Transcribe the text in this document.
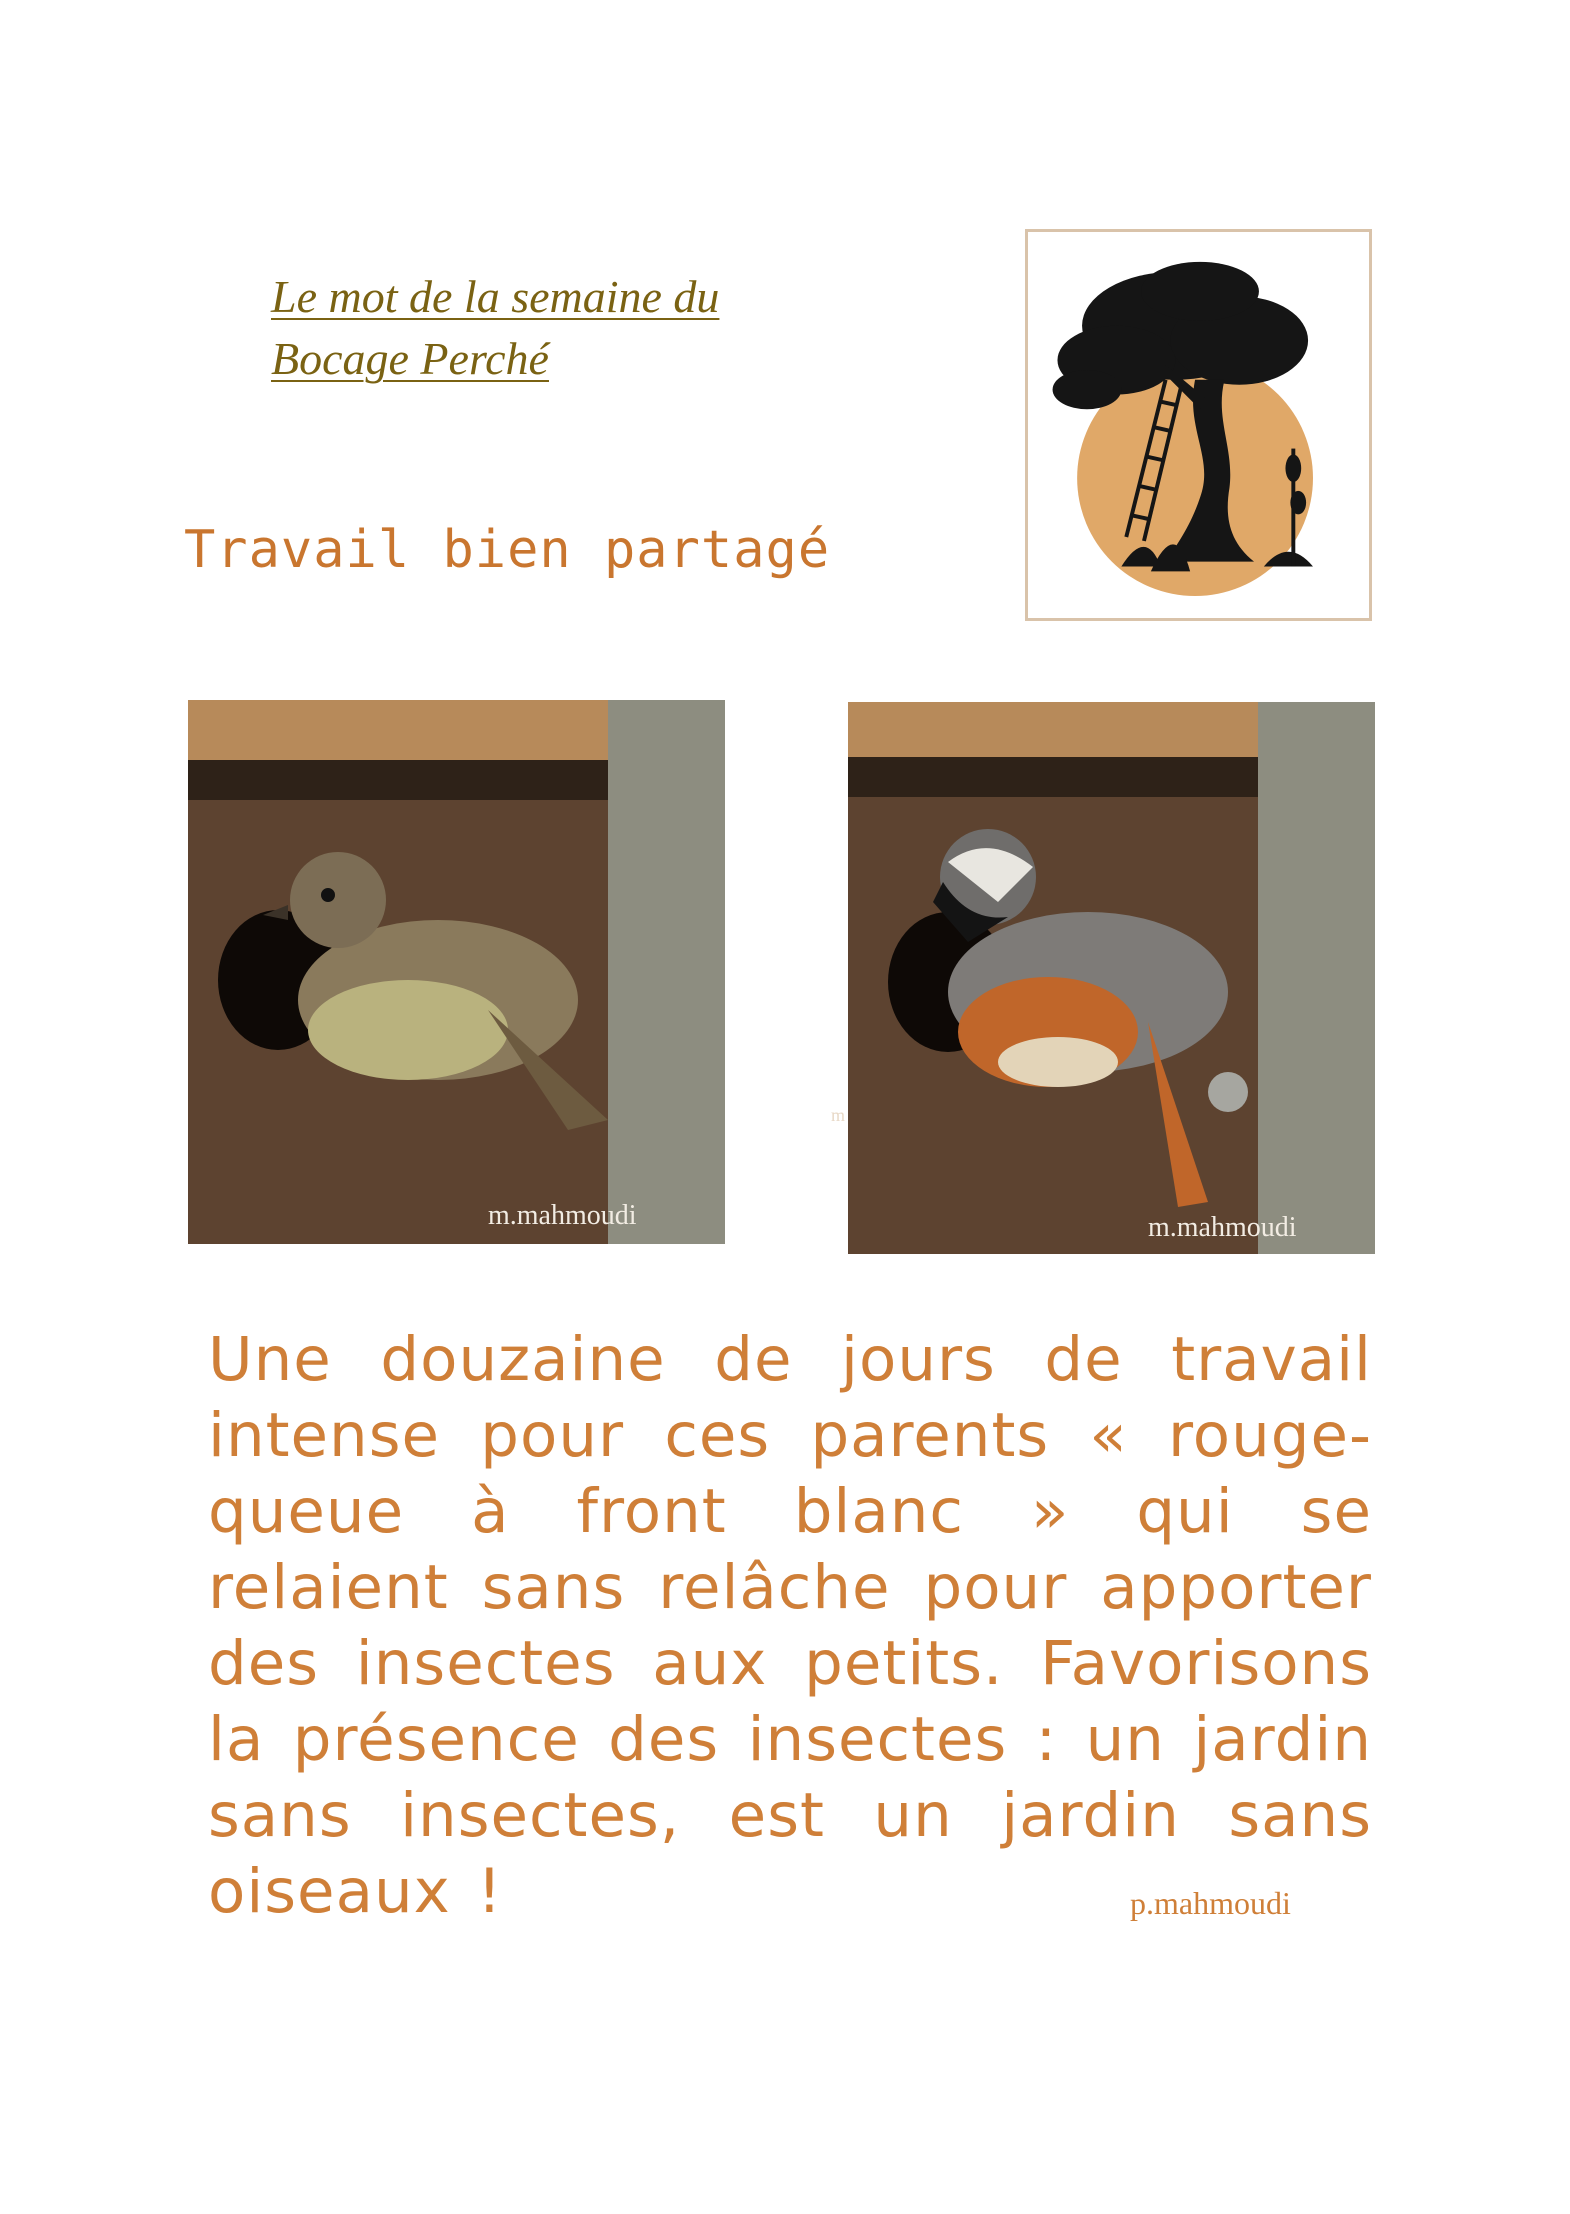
Le mot de la semaine du
Bocage Perché
Travail bien partagé
m.mahmoudi	m.mahmoudi
m

Une douzaine de jours de travail intense pour ces parents « rouge-queue à front blanc » qui se relaient sans relâche pour apporter des insectes aux petits. Favorisons la présence des insectes : un jardin sans insectes, est un jardin sans oiseaux !	p.mahmoudi
